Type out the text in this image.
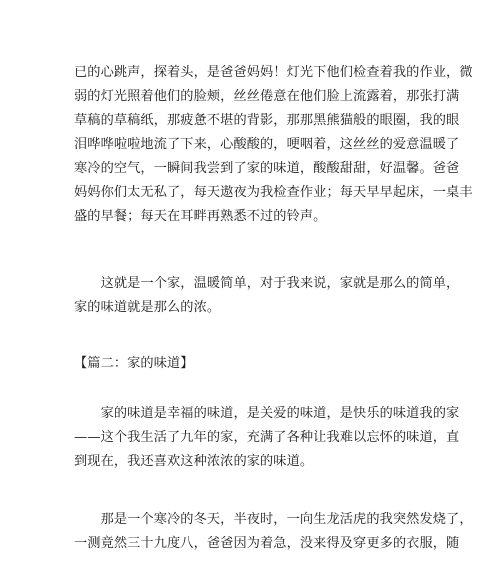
已的心跳声，探着头，是爸爸妈妈！灯光下他们检查着我的作业，微
弱的灯光照着他们的脸颊，丝丝倦意在他们脸上流露着，那张打满
草稿的草稿纸，那疲惫不堪的背影，那那黑熊猫般的眼圈，我的眼
泪哗哗啦啦地流了下来，心酸酸的，哽咽着，这丝丝的爱意温暖了
寒冷的空气，一瞬间我尝到了家的味道，酸酸甜甜，好温馨。爸爸
妈妈你们太无私了，每天遨夜为我检查作业；每天早早起床，一桌丰
盛的早餐；每天在耳畔再熟悉不过的铃声。
　　这就是一个家，温暖简单，对于我来说，家就是那么的简单，
家的味道就是那么的浓。
【篇二：家的味道】
　　家的味道是幸福的味道，是关爱的味道，是快乐的味道我的家
——这个我生活了九年的家，充满了各种让我难以忘怀的味道，直
到现在，我还喜欢这种浓浓的家的味道。
　　那是一个寒冷的冬天，半夜时，一向生龙活虎的我突然发烧了，
一测竟然三十九度八，爸爸因为着急，没来得及穿更多的衣服，随
